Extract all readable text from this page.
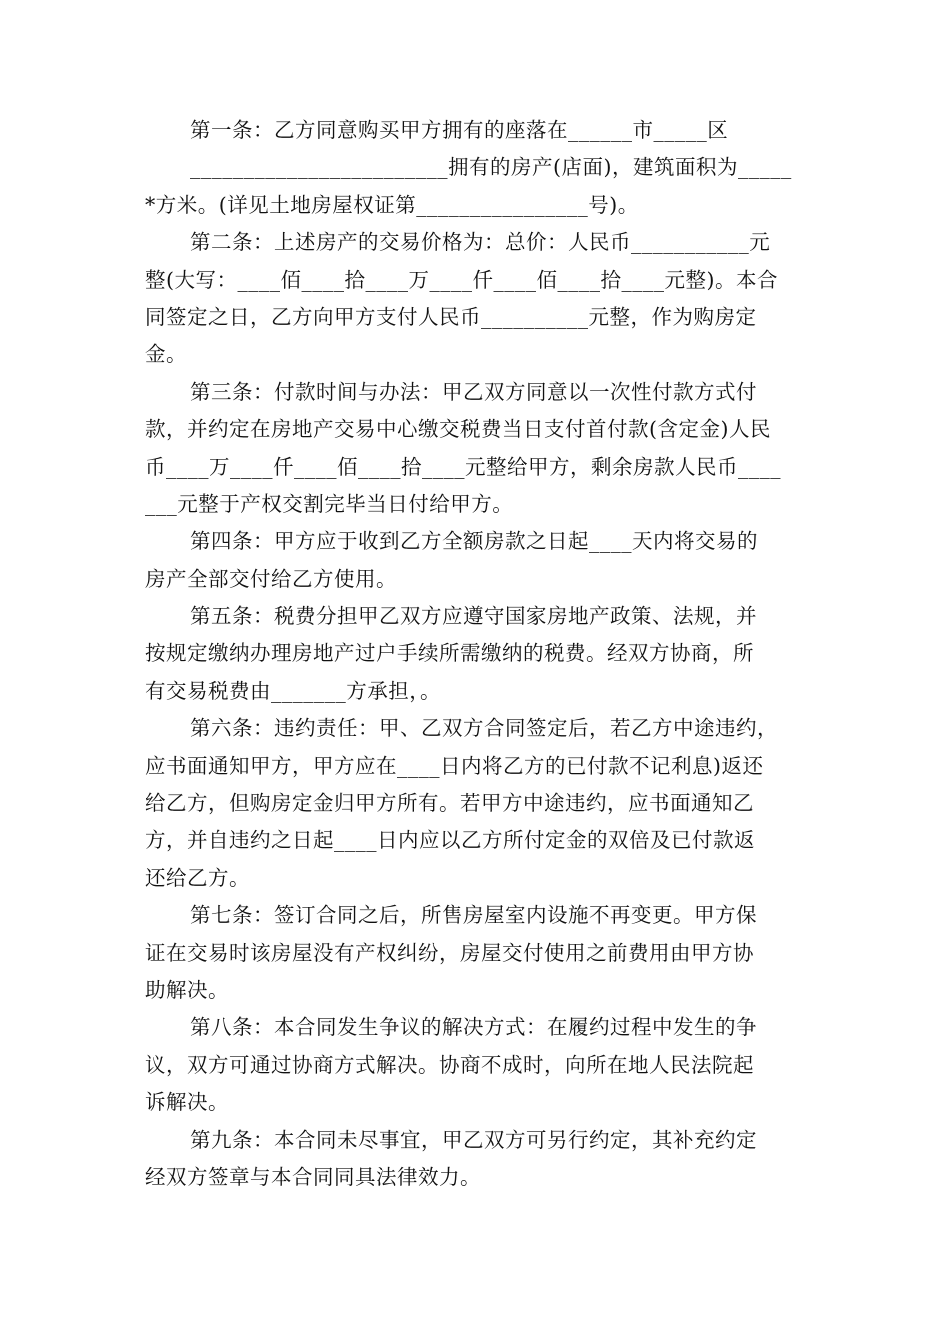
第一条：乙方同意购买甲方拥有的座落在______市_____区
________________________拥有的房产(店面)，建筑面积为_____
*方米。(详见土地房屋权证第________________号)。
第二条：上述房产的交易价格为：总价：人民币___________元
整(大写：____佰____拾____万____仟____佰____拾____元整)。本合
同签定之日，乙方向甲方支付人民币__________元整，作为购房定
金。
第三条：付款时间与办法：甲乙双方同意以一次性付款方式付
款，并约定在房地产交易中心缴交税费当日支付首付款(含定金)人民
币____万____仟____佰____拾____元整给甲方，剩余房款人民币____
___元整于产权交割完毕当日付给甲方。
第四条：甲方应于收到乙方全额房款之日起____天内将交易的
房产全部交付给乙方使用。
第五条：税费分担甲乙双方应遵守国家房地产政策、法规，并
按规定缴纳办理房地产过户手续所需缴纳的税费。经双方协商，所
有交易税费由_______方承担，。
第六条：违约责任：甲、乙双方合同签定后，若乙方中途违约，
应书面通知甲方，甲方应在____日内将乙方的已付款不记利息)返还
给乙方，但购房定金归甲方所有。若甲方中途违约，应书面通知乙
方，并自违约之日起____日内应以乙方所付定金的双倍及已付款返
还给乙方。
第七条：签订合同之后，所售房屋室内设施不再变更。甲方保
证在交易时该房屋没有产权纠纷，房屋交付使用之前费用由甲方协
助解决。
第八条：本合同发生争议的解决方式：在履约过程中发生的争
议，双方可通过协商方式解决。协商不成时，向所在地人民法院起
诉解决。
第九条：本合同未尽事宜，甲乙双方可另行约定，其补充约定
经双方签章与本合同同具法律效力。
